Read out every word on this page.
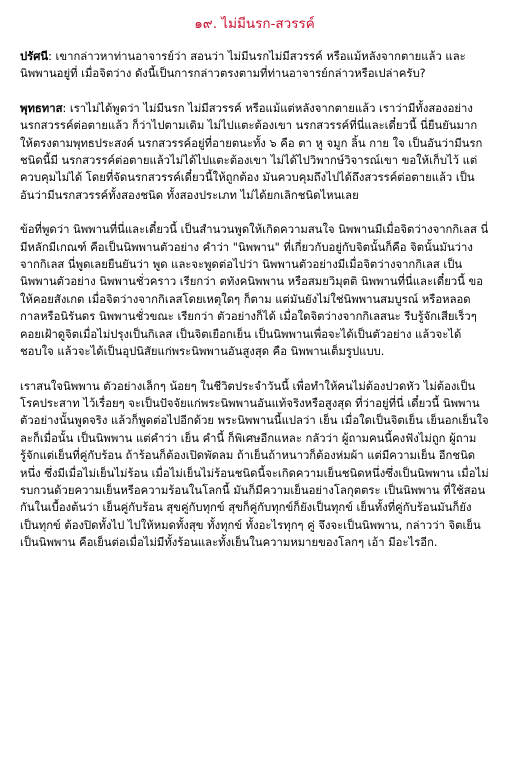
๑๙. ไม่มีนรก-สวรรค์

ปรัศนี: เขากล่าวหาท่านอาจารย์ว่า สอนว่า ไม่มีนรกไม่มีสวรรค์ หรือแม้หลังจากตายแล้ว และนิพพานอยู่ที่ เมื่อจิตว่าง ดังนี้เป็นการกล่าวตรงตามที่ท่านอาจารย์กล่าวหรือเปล่าครับ?

พุทธทาส: เราไม่ได้พูดว่า ไม่มีนรก ไม่มีสวรรค์ หรือแม้แต่หลังจากตายแล้ว เราว่ามีทั้งสองอย่าง นรกสวรรค์ต่อตายแล้ว ก็ว่าไปตามเดิม ไม่ไปแตะต้องเขา นรกสวรรค์ที่นี่และเดี๋ยวนี้ นี่ยืนยันมากให้ตรงตามพุทธประสงค์ นรกสวรรค์อยู่ที่อายตนะทั้ง ๖ คือ ตา หู จมูก ลิ้น กาย ใจ เป็นอันว่ามีนรกชนิดนี้มี นรกสวรรค์ต่อตายแล้วไม่ได้ไปแตะต้องเขา ไม่ได้ไปวิพากษ์วิจารณ์เขา ขอให้เก็บไว้ แต่ควบคุมไม่ได้ โดยที่จัดนรกสวรรค์เดี๋ยวนี้ให้ถูกต้อง มันควบคุมถึงไปได้ถึงสวรรค์ต่อตายแล้ว เป็นอันว่ามีนรกสวรรค์ทั้งสองชนิด ทั้งสองประเภท ไม่ได้ยกเลิกชนิดไหนเลย

ข้อที่พูดว่า นิพพานที่นี่และเดี๋ยวนี้ เป็นสำนวนพูดให้เกิดความสนใจ นิพพานมีเมื่อจิตว่างจากกิเลส นี่มีหลักมีเกณฑ์ คือเป็นนิพพานตัวอย่าง คำว่า "นิพพาน" ที่เกี่ยวกับอยู่กับจิตนั้นก็คือ จิตนั้นมันว่างจากกิเลส นี่พูดเลยยืนยันว่า พูด และจะพูดต่อไปว่า นิพพานตัวอย่างมีเมื่อจิตว่างจากกิเลส เป็นนิพพานตัวอย่าง นิพพานชั่วคราว เรียกว่า ตทังคนิพพาน หรือสมยวิมุตติ นิพพานที่นี่และเดี๋ยวนี้ ขอให้คอยสังเกต เมื่อจิตว่างจากกิเลสโดยเหตุใดๆ ก็ตาม แต่มันยังไม่ใช่นิพพานสมบูรณ์ หรือหลอดกาลหรือนิรันดร นิพพานชั่วขณะ เรียกว่า ตัวอย่างก็ได้ เมื่อใดจิตว่างจากกิเลสนะ รีบรู้จักเสียเร็วๆ คอยเฝ้าดูจิตเมื่อไม่ปรุงเป็นกิเลส เป็นจิตเยือกเย็น เป็นนิพพานเพื่อจะได้เป็นตัวอย่าง แล้วจะได้ชอบใจ แล้วจะได้เป็นอุปนิสัยแก่พระนิพพานอันสูงสุด คือ นิพพานเต็มรูปแบบ.

เราสนใจนิพพาน ตัวอย่างเล็กๆ น้อยๆ ในชีวิตประจำวันนี้ เพื่อทำให้คนไม่ต้องปวดหัว ไม่ต้องเป็นโรคประสาท ไว้เรื่อยๆ จะเป็นปัจจัยแก่พระนิพพานอันแท้จริงหรือสูงสุด ที่ว่าอยู่ที่นี่ เดี๋ยวนี้ นิพพานตัวอย่างนั้นพูดจริง แล้วก็พูดต่อไปอีกด้วย พระนิพพานนี้แปลว่า เย็น เมื่อใดเป็นจิตเย็น เย็นอกเย็นใจละก็เมื่อนั้น เป็นนิพพาน แต่คำว่า เย็น คำนี้ ก็พิเศษอีกแหละ กลัวว่า ผู้ถามคนนี้คงฟังไม่ถูก ผู้ถามรู้จักแต่เย็นที่คู่กับร้อน ถ้าร้อนก็ต้องเปิดพัดลม ถ้าเย็นถ้าหนาวก็ต้องห่มผ้า แต่มีความเย็น อีกชนิดหนึ่ง ซึ่งมีเมื่อไม่เย็นไม่ร้อน เมื่อไม่เย็นไม่ร้อนชนิดนี้จะเกิดความเย็นชนิดหนึ่งซึ่งเป็นนิพพาน เมื่อไม่รบกวนด้วยความเย็นหรือความร้อนในโลกนี้ มันก็มีความเย็นอย่างโลกุตตระ เป็นนิพพาน ที่ใช้สอนกันในเบื้องต้นว่า เย็นคู่กับร้อน สุขคู่กับทุกข์ สุขก็คู่กับทุกข์ก็ยังเป็นทุกข์ เย็นทั้งที่คู่กับร้อนมันก็ยังเป็นทุกข์ ต้องปิดทั้งไป ไปให้หมดทั้งสุข ทั้งทุกข์ ทั้งอะไรทุกๆ คู่ จึงจะเป็นนิพพาน, กล่าวว่า จิตเย็นเป็นนิพพาน คือเย็นต่อเมื่อไม่มีทั้งร้อนและทั้งเย็นในความหมายของโลกๆ เอ้า มีอะไรอีก.
